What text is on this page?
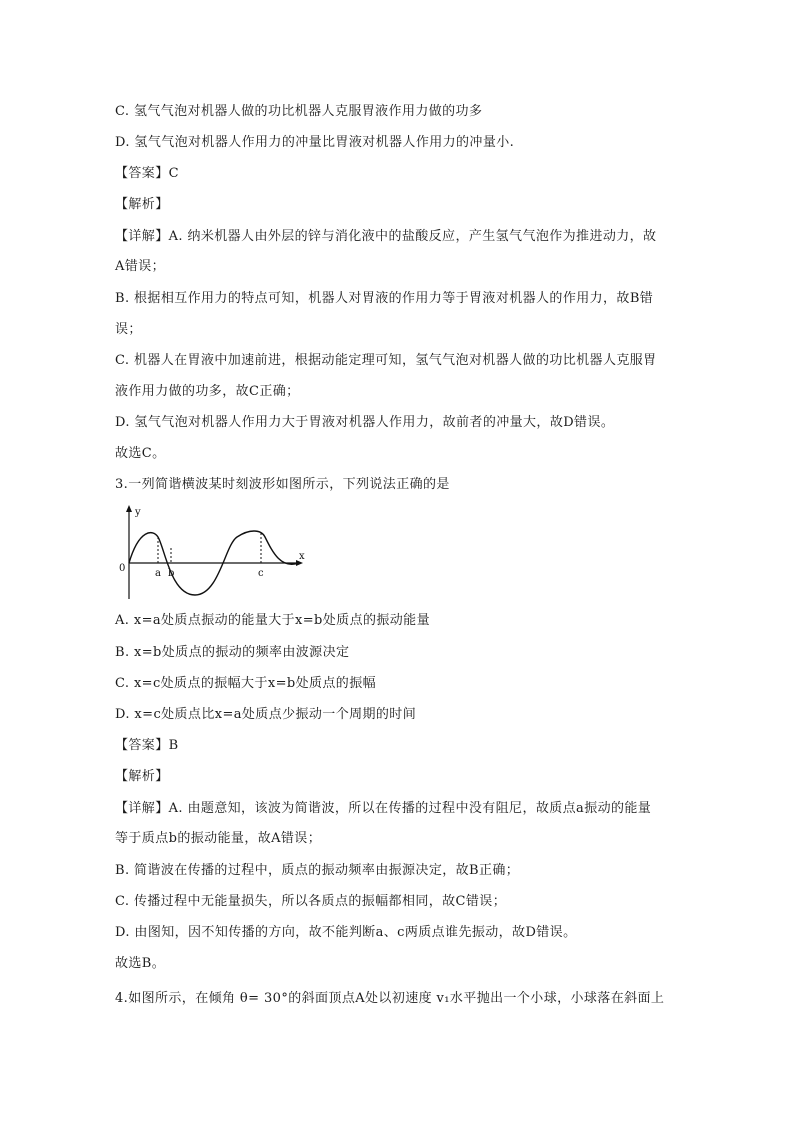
C. 氢气气泡对机器人做的功比机器人克服胃液作用力做的功多
D. 氢气气泡对机器人作用力的冲量比胃液对机器人作用力的冲量小.
【答案】C
【解析】
【详解】A. 纳米机器人由外层的锌与消化液中的盐酸反应，产生氢气气泡作为推进动力，故
A错误；
B. 根据相互作用力的特点可知，机器人对胃液的作用力等于胃液对机器人的作用力，故B错
误；
C. 机器人在胃液中加速前进，根据动能定理可知，氢气气泡对机器人做的功比机器人克服胃
液作用力做的功多，故C正确；
D. 氢气气泡对机器人作用力大于胃液对机器人作用力，故前者的冲量大，故D错误。
故选C。
3.一列简谐横波某时刻波形如图所示，下列说法正确的是
y
x
0	a b	c
A. x=a处质点振动的能量大于x=b处质点的振动能量
B. x=b处质点的振动的频率由波源决定
C. x=c处质点的振幅大于x=b处质点的振幅
D. x=c处质点比x=a处质点少振动一个周期的时间
【答案】B
【解析】
【详解】A. 由题意知，该波为简谐波，所以在传播的过程中没有阻尼，故质点a振动的能量
等于质点b的振动能量，故A错误；
B. 简谐波在传播的过程中，质点的振动频率由振源决定，故B正确；
C. 传播过程中无能量损失，所以各质点的振幅都相同，故C错误；
D. 由图知，因不知传播的方向，故不能判断a、c两质点谁先振动，故D错误。
故选B。
4.如图所示，在倾角 θ= 30°的斜面顶点A处以初速度 v₁水平抛出一个小球，小球落在斜面上
